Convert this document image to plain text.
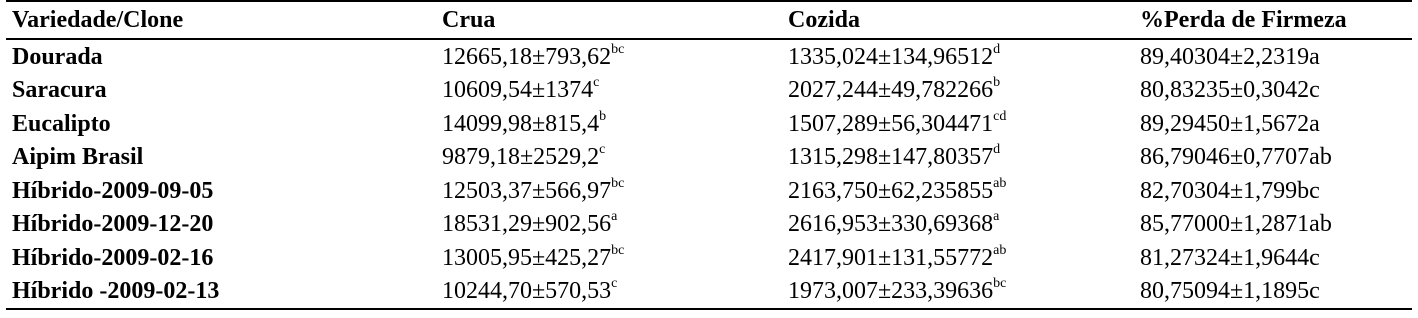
Variedade/Clone	Crua	Cozida	%Perda de Firmeza
Dourada	12665,18±793,62$^{bc}$	1335,024±134,96512$^d$	89,40304±2,2319a
Saracura	$10609,54\pm 1374^c$	2027,244±49,782266$^b$	80,83235±0,3042c
Eucalipto	14099,98±815,4$^b$	1507,289±56,304471$^{cd}$	89,29450±1,5672a
Aipim Brasil	9879,18±2529,2$^c$	1315,298±147,80357$^d$	86,79046±0,7707ab
Híbrido-2009-09-05	12503,37±566,97$^{bc}$	2163,750±62,235855$^{ab}$	82,70304±1,799bc
Híbrido-2009-12-20	18531,29±902,56$^a$	2616,953±330,69368$^a$	85,77000±1,2871ab
Híbrido-2009-02-16	13005,95±425,27$^{bc}$	2417,901±131,55772$^{ab}$	81,27324±1,9644c
Híbrido -2009-02-13	10244,70±570,53$^c$	1973,007±233,39636$^{bc}$	80,75094±1,1895c
